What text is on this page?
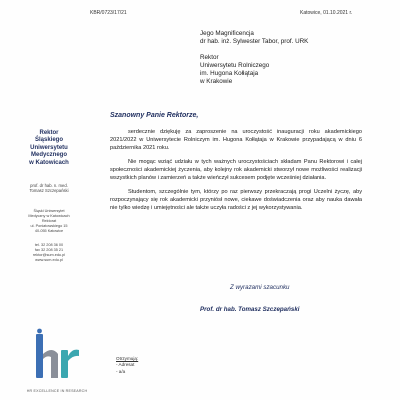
KBR/0723/17/21	Katowice, 01.10.2021 r.
Jego Magnificencja
dr hab. inż. Sylwester Tabor, prof. URK
Rektor
Uniwersytetu Rolniczego
im. Hugona Kołłątaja
w Krakowie
Rektor
Śląskiego
Uniwersytetu
Medycznego
w Katowicach
prof. dr hab. n. med.
Tomasz Szczepański
Śląski Uniwersytet
Medyczny w Katowicach
Rektorat
ul. Poniatowskiego 15
40-055 Katowice
tel. 32 208 36 00
fax 32 208 35 21
rektor@sum.edu.pl
www.sum.edu.pl
HR EXCELLENCE IN RESEARCH
Szanowny Panie Rektorze,

serdecznie dziękuję za zaproszenie na uroczystość inauguracji roku akademickiego 2021/2022 w Uniwersytecie Rolniczym im. Hugona Kołłątaja w Krakowie przypadającą w dniu 6 października 2021 roku.

Nie mogąc wziąć udziału w tych ważnych uroczystościach składam Panu Rektorowi i całej społeczności akademickiej życzenia, aby kolejny rok akademicki stworzył nowe możliwości realizacji wszystkich planów i zamierzeń a także wieńczył sukcesem podjęte wcześniej działania.

Studentom, szczególnie tym, którzy po raz pierwszy przekraczają progi Uczelni życzę, aby rozpoczynający się rok akademicki przyniósł nowe, ciekawe doświadczenia oraz aby nauka dawała nie tylko wiedzę i umiejętności ale także uczyła radości z jej wykorzystywania.

Z wyrazami szacunku
Prof. dr hab. Tomasz Szczepański
Otrzymują:
- Adresat
- a/a
